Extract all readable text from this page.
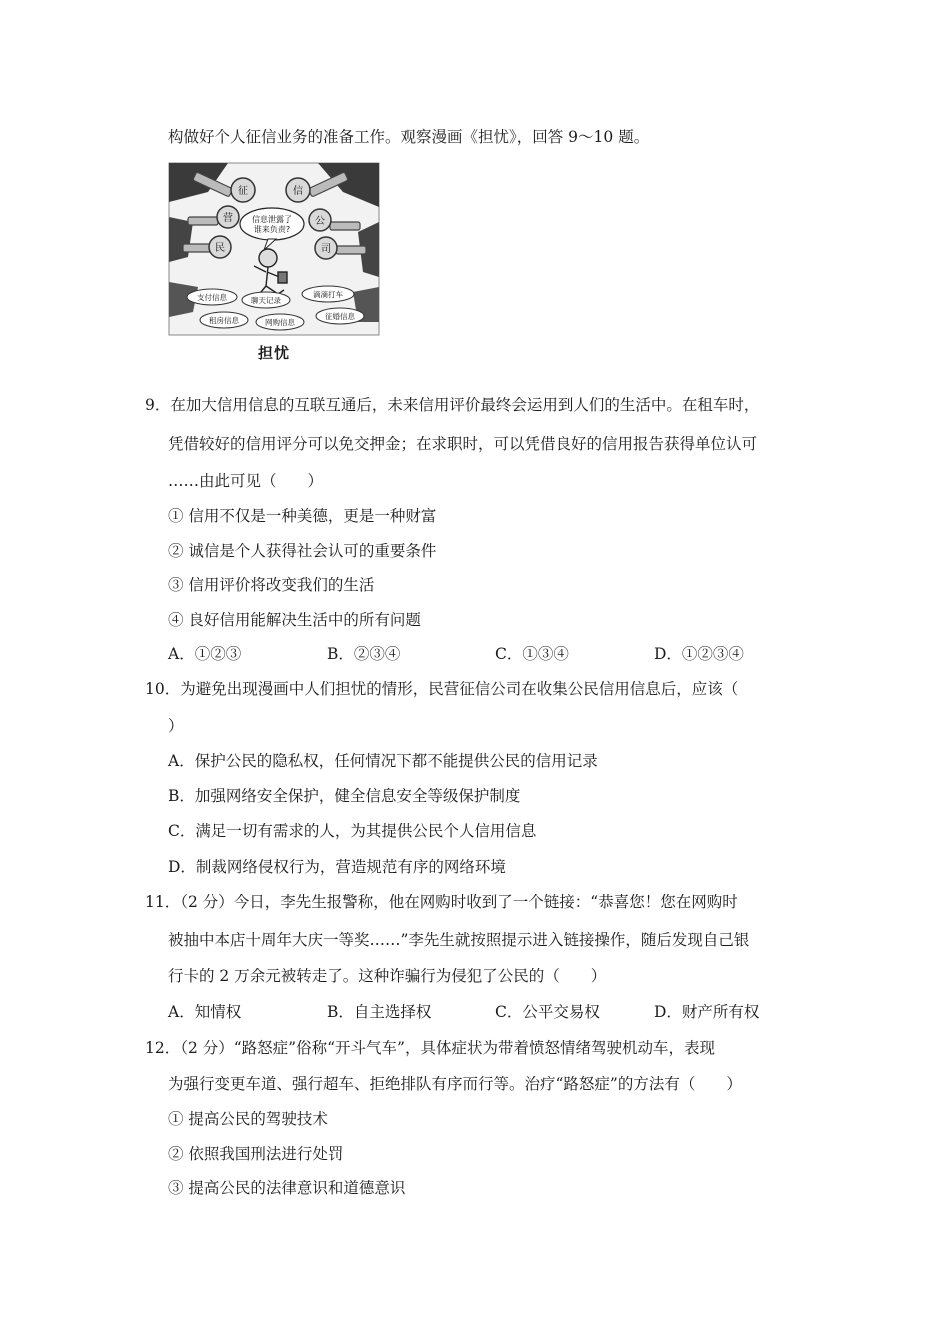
构做好个人征信业务的准备工作。观察漫画《担忧》，回答 9～10 题。
征	信
营	公
民	司
信息泄露了
谁来负责?
支付信息	聊天记录
滴滴打车
租房信息	网购信息
征婚信息
担忧
9．在加大信用信息的互联互通后，未来信用评价最终会运用到人们的生活中。在租车时，
凭借较好的信用评分可以免交押金；在求职时，可以凭借良好的信用报告获得单位认可
……由此可见（　　）
① 信用不仅是一种美德，更是一种财富
② 诚信是个人获得社会认可的重要条件
③ 信用评价将改变我们的生活
④ 良好信用能解决生活中的所有问题
A．①②③	B．②③④	C．①③④	D．①②③④
10．为避免出现漫画中人们担忧的情形，民营征信公司在收集公民信用信息后，应该（
）
A．保护公民的隐私权，任何情况下都不能提供公民的信用记录
B．加强网络安全保护，健全信息安全等级保护制度
C．满足一切有需求的人，为其提供公民个人信用信息
D．制裁网络侵权行为，营造规范有序的网络环境
11．（2 分）今日，李先生报警称，他在网购时收到了一个链接：“恭喜您！您在网购时
被抽中本店十周年大庆一等奖……”李先生就按照提示进入链接操作，随后发现自己银
行卡的 2 万余元被转走了。这种诈骗行为侵犯了公民的（　　）
A．知情权	B．自主选择权	C．公平交易权	D．财产所有权
12．（2 分）“路怒症”俗称“开斗气车”，具体症状为带着愤怒情绪驾驶机动车，表现
为强行变更车道、强行超车、拒绝排队有序而行等。治疗“路怒症”的方法有（　　）
① 提高公民的驾驶技术
② 依照我国刑法进行处罚
③ 提高公民的法律意识和道德意识
